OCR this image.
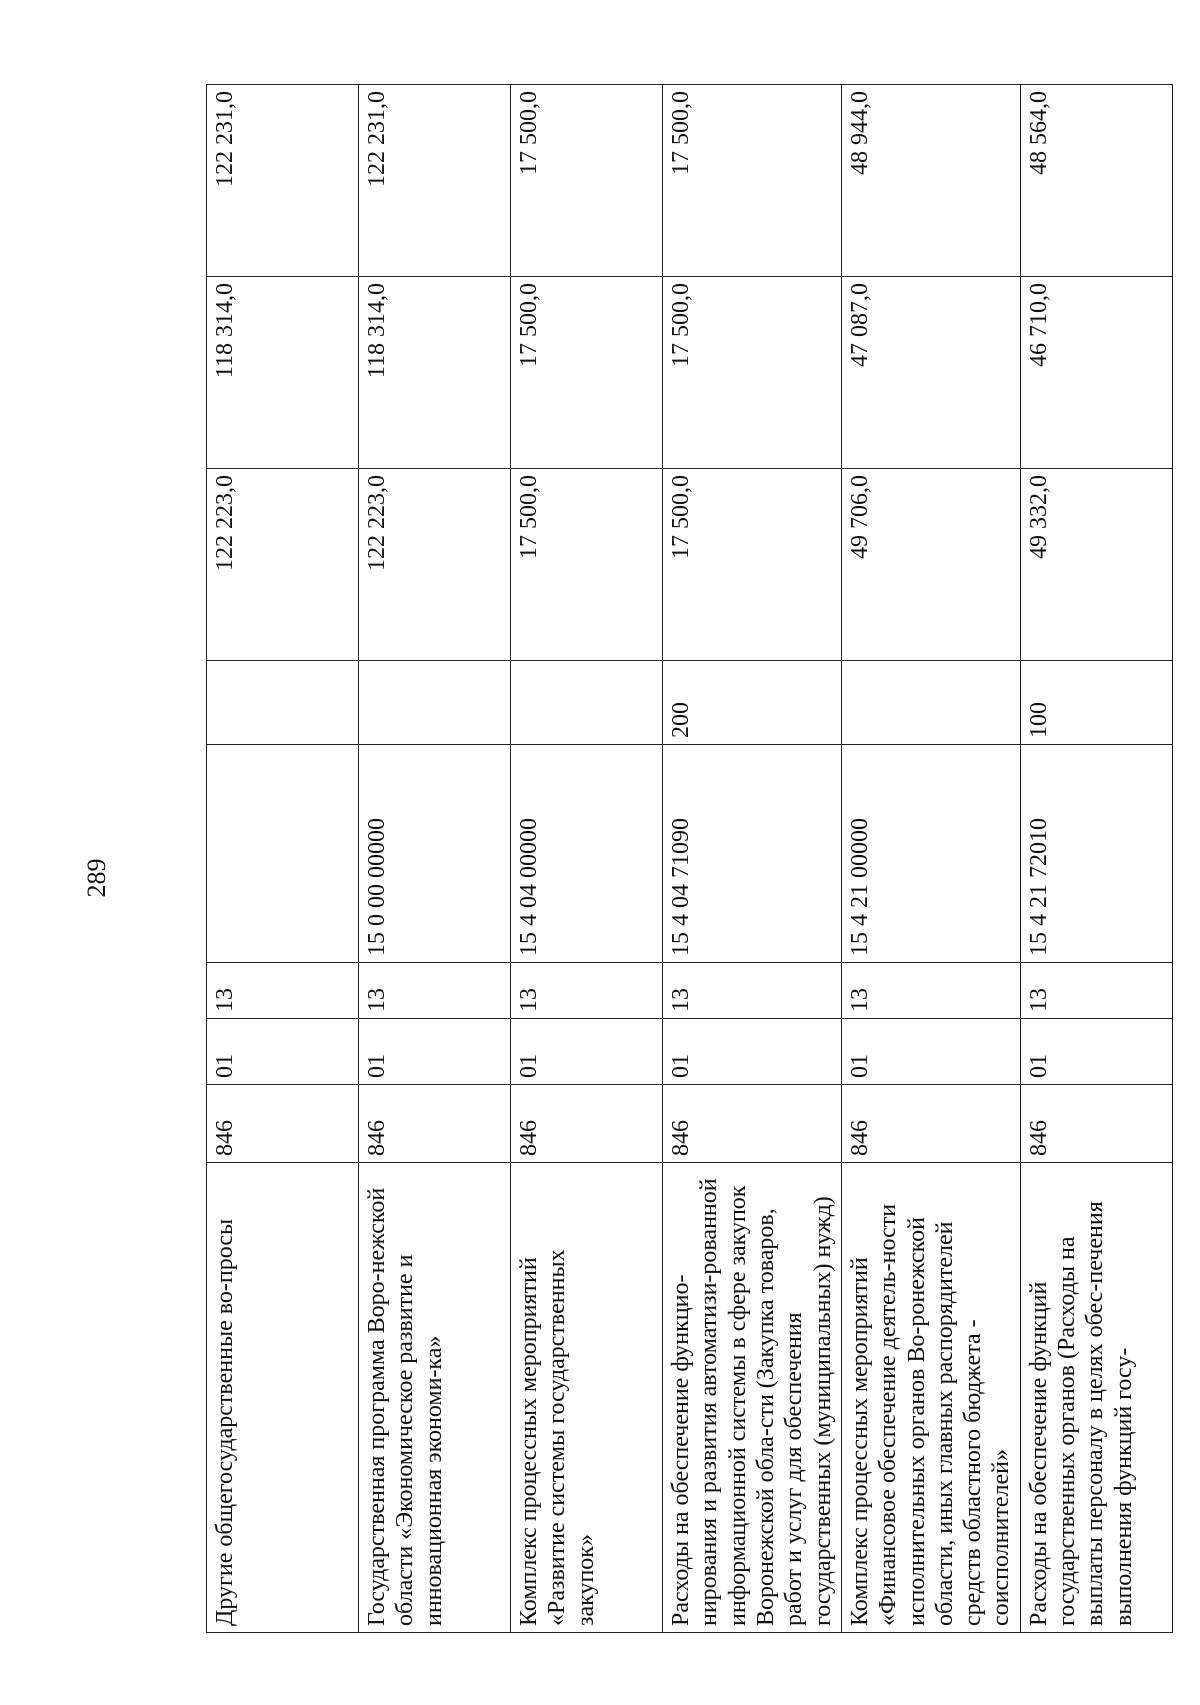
289
Другие общегосударственные во-просы	846	01	13			122 223,0	118 314,0	122 231,0
Государственная программа Воро-нежской области «Экономическое развитие и инновационная экономи-ка»	846	01	13	15 0 00 00000		122 223,0	118 314,0	122 231,0
Комплекс процессных мероприятий «Развитие системы государственных закупок»	846	01	13	15 4 04 00000		17 500,0	17 500,0	17 500,0
Расходы на обеспечение функцио-нирования и развития автоматизи-рованной информационной системы в сфере закупок Воронежской обла-сти (Закупка товаров, работ и услуг для обеспечения государственных (муниципальных) нужд)	846	01	13	15 4 04 71090	200	17 500,0	17 500,0	17 500,0
Комплекс процессных мероприятий «Финансовое обеспечение деятель-ности исполнительных органов Во-ронежской области, иных главных распорядителей средств областного бюджета - соисполнителей»	846	01	13	15 4 21 00000		49 706,0	47 087,0	48 944,0
Расходы на обеспечение функций государственных органов (Расходы на выплаты персоналу в целях обес-печения выполнения функций госу-	846	01	13	15 4 21 72010	100	49 332,0	46 710,0	48 564,0
